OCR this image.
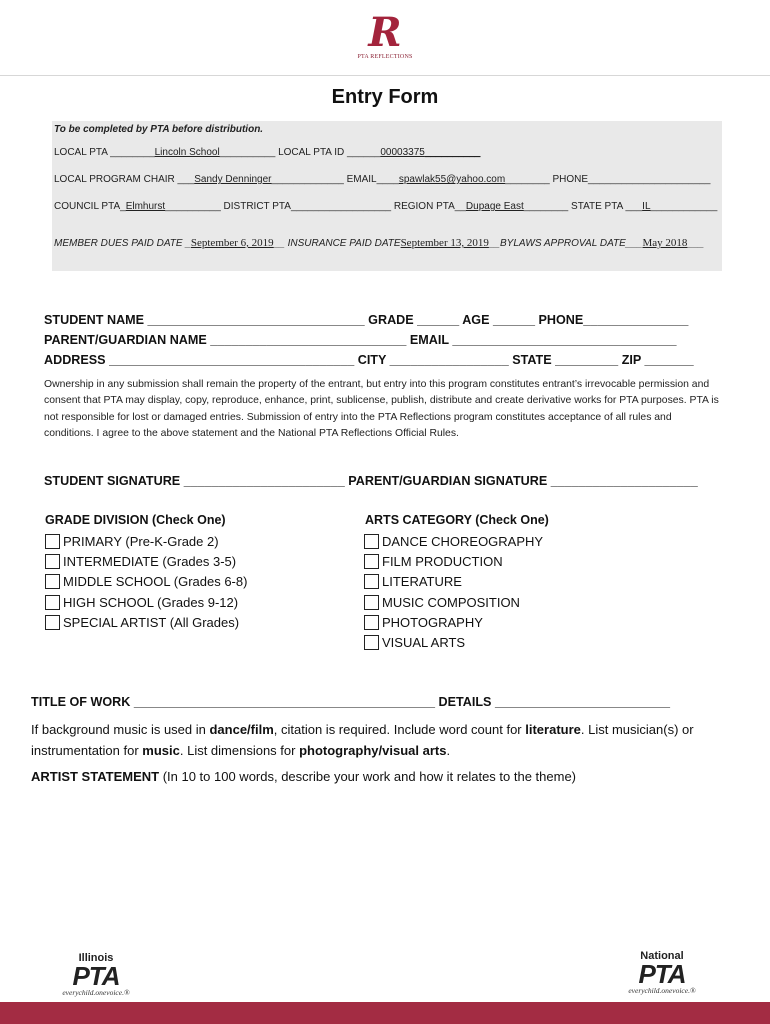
R
PTA REFLECTIONS
Entry Form
To be completed by PTA before distribution.
LOCAL PTA ________Lincoln School__________ LOCAL PTA ID ______00003375__________
LOCAL PROGRAM CHAIR ___Sandy Denninger_____________ EMAIL____spawlak55@yahoo.com________ PHONE______________________
COUNCIL PTA_Elmhurst__________ DISTRICT PTA__________________ REGION PTA__Dupage East________ STATE PTA ___IL____________
MEMBER DUES PAID DATE _September 6, 2019__ INSURANCE PAID DATESeptember 13, 2019__BYLAWS APPROVAL DATE___May 2018___
STUDENT NAME _______________________________ GRADE ______ AGE ______ PHONE_______________
PARENT/GUARDIAN NAME ____________________________ EMAIL ________________________________
ADDRESS ___________________________________ CITY _________________ STATE _________ ZIP _______
Ownership in any submission shall remain the property of the entrant, but entry into this program constitutes entrant’s irrevocable permission and consent that PTA may display, copy, reproduce, enhance, print, sublicense, publish, distribute and create derivative works for PTA purposes. PTA is not responsible for lost or damaged entries. Submission of entry into the PTA Reflections program constitutes acceptance of all rules and conditions. I agree to the above statement and the National PTA Reflections Official Rules.
STUDENT SIGNATURE _______________________ PARENT/GUARDIAN SIGNATURE _____________________
GRADE DIVISION (Check One)
PRIMARY (Pre-K-Grade 2)
INTERMEDIATE (Grades 3-5)
MIDDLE SCHOOL (Grades 6-8)
HIGH SCHOOL (Grades 9-12)
SPECIAL ARTIST (All Grades)
ARTS CATEGORY (Check One)
DANCE CHOREOGRAPHY
FILM PRODUCTION
LITERATURE
MUSIC COMPOSITION
PHOTOGRAPHY
VISUAL ARTS
TITLE OF WORK ___________________________________________ DETAILS _________________________
If background music is used in dance/film, citation is required. Include word count for literature. List musician(s) or instrumentation for music. List dimensions for photography/visual arts.
ARTIST STATEMENT (In 10 to 100 words, describe your work and how it relates to the theme)
Illinois
PTA
everychild.onevoice.®
National
PTA
everychild.onevoice.®
